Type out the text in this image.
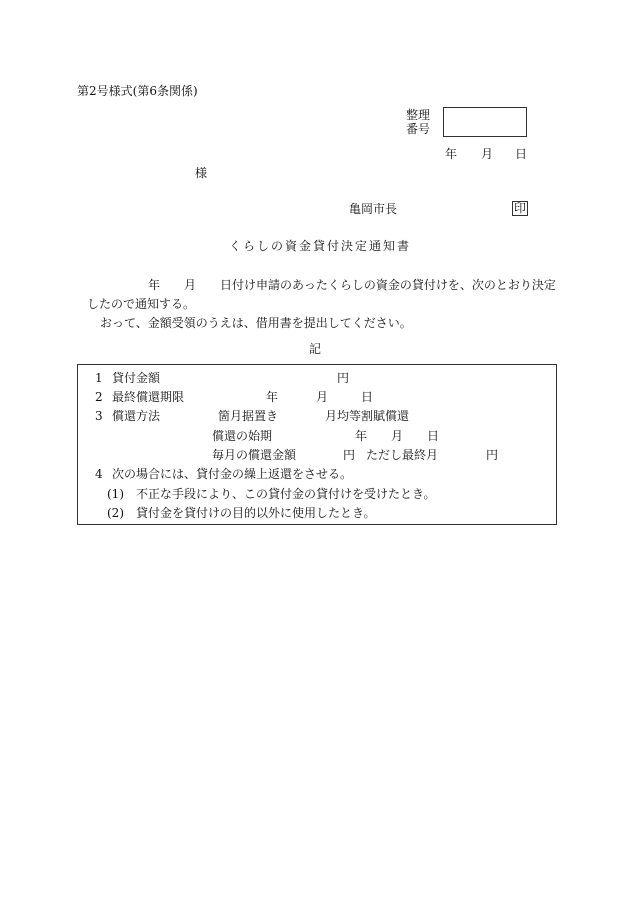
第2号様式(第6条関係)
整理
番号
年 月 日
様
亀岡市長	印
くらしの資金貸付決定通知書
年 月 日付け申請のあったくらしの資金の貸付けを、次のとおり決定
したので通知する。
おって、金額受領のうえは、借用書を提出してください。
記
1 貸付金額	円
2 最終償還期限	年	月	日
3 償還方法	箇月据置き	月均等割賦償還
償還の始期	年 月 日
毎月の償還金額	円 ただし最終月	円
4 次の場合には、貸付金の繰上返還をさせる。
(1) 不正な手段により、この貸付金の貸付けを受けたとき。
(2) 貸付金を貸付けの目的以外に使用したとき。
